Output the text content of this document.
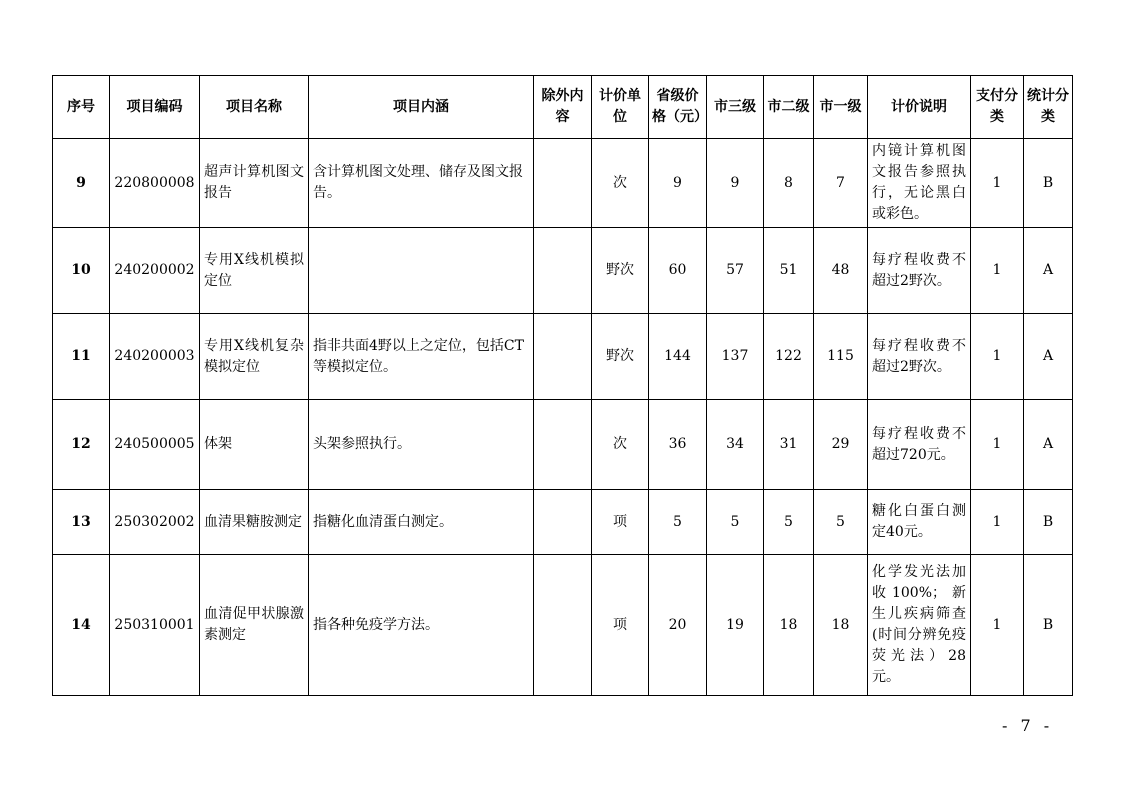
序号	项目编码	项目名称	项目内涵	除外内容	计价单位	省级价格（元）	市三级	市二级	市一级	计价说明	支付分类	统计分类
9	220800008	超声计算机图文报告	含计算机图文处理、储存及图文报告。		次	9	9	8	7	内镜计算机图文报告参照执行，无论黑白或彩色。	1	B
10	240200002	专用X线机模拟定位			野次	60	57	51	48	每疗程收费不超过2野次。	1	A
11	240200003	专用X线机复杂模拟定位	指非共面4野以上之定位，包括CT等模拟定位。		野次	144	137	122	115	每疗程收费不超过2野次。	1	A
12	240500005	体架	头架参照执行。		次	36	34	31	29	每疗程收费不超过720元。	1	A
13	250302002	血清果糖胺测定	指糖化血清蛋白测定。		项	5	5	5	5	糖化白蛋白测定40元。	1	B
14	250310001	血清促甲状腺激素测定	指各种免疫学方法。		项	20	19	18	18	化学发光法加收100%；新生儿疾病筛查(时间分辨免疫荧光法）28元。	1	B
- 7 -
